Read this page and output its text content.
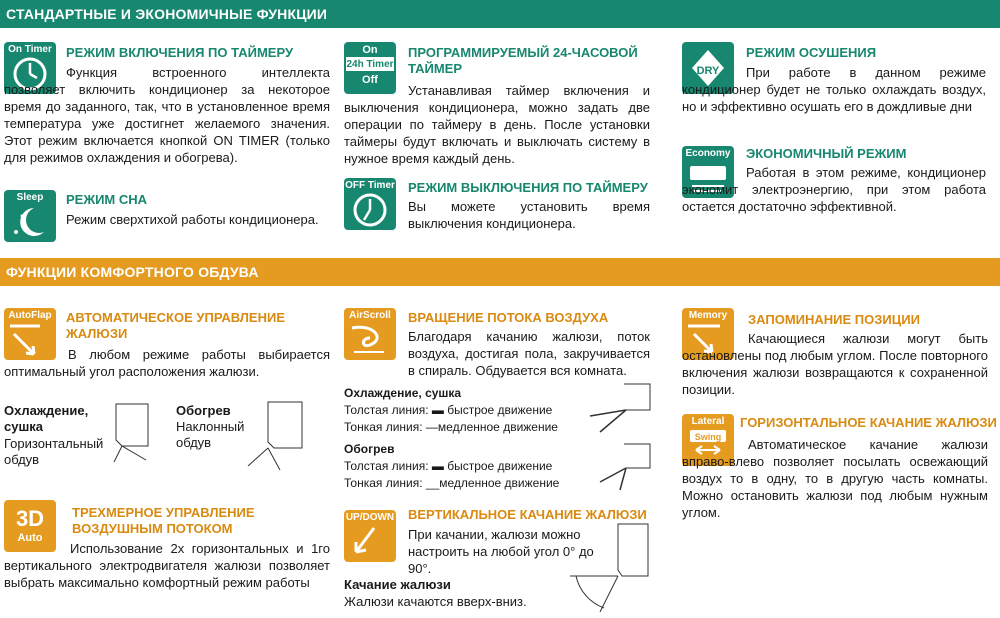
СТАНДАРТНЫЕ И ЭКОНОМИЧНЫЕ ФУНКЦИИ
On Timer	РЕЖИМ ВКЛЮЧЕНИЯ ПО ТАЙМЕРУ
Функция встроенного интеллекта позволяет включить кондиционер за некоторое время до заданного, так, что в установленное время температура уже достигнет желаемого значения. Этот режим включается кнопкой ON TIMER (только для режимов охлаждения и обогрева).
Sleep	РЕЖИМ СНА
Режим сверхтихой работы кондиционера.
On
24h Timer
Off
ПРОГРАММИРУЕМЫЙ 24-ЧАСОВОЙ ТАЙМЕР
Устанавливая таймер включения и выключения кондиционера, можно задать две операции по таймеру в день. После установки таймеры будут включать и выключать систему в нужное время каждый день.
OFF Timer РЕЖИМ ВЫКЛЮЧЕНИЯ ПО ТАЙМЕРУ
Вы можете установить время выключения кондиционера.
DRY
РЕЖИМ ОСУШЕНИЯ
При работе в данном режиме кондиционер будет не только охлаждать воздух, но и эффективно осушать его в дождливые дни
Economy ЭКОНОМИЧНЫЙ РЕЖИМ
Работая в этом режиме, кондиционер экономит электроэнергию, при этом работа остается достаточно эффективной.
ФУНКЦИИ КОМФОРТНОГО ОБДУВА
AutoFlap	АВТОМАТИЧЕСКОЕ УПРАВЛЕНИЕ ЖАЛЮЗИ
В любом режиме работы выбирается оптимальный угол расположения жалюзи.
Охлаждение, сушка
Горизонтальный обдув
Обогрев
Наклонный обдув
3D
Auto
ТРЕХМЕРНОЕ УПРАВЛЕНИЕ ВОЗДУШНЫМ ПОТОКОМ
Использование 2х горизонтальных и 1го вертикального электродвигателя жалюзи позволяет выбрать максимально комфортный режим работы
AirScroll	ВРАЩЕНИЕ ПОТОКА ВОЗДУХА
Благодаря качанию жалюзи, поток воздуха, достигая пола, закручивается в спираль. Обдувается вся комната.
Охлаждение, сушка
Толстая линия: ▬ быстрое движение
Тонкая линия: —медленное движение
Обогрев
Толстая линия: ▬ быстрое движение
Тонкая линия: __медленное движение
UP/DOWN ВЕРТИКАЛЬНОЕ КАЧАНИЕ ЖАЛЮЗИ
При качании, жалюзи можно настроить на любой угол 0° до 90°.
Качание жалюзи
Жалюзи качаются вверх-вниз.
Memory	ЗАПОМИНАНИЕ ПОЗИЦИИ
Качающиеся жалюзи могут быть остановлены под любым углом. После повторного включения жалюзи возвращаются к сохраненной позиции.
Lateral
Swing
ГОРИЗОНТАЛЬНОЕ КАЧАНИЕ ЖАЛЮЗИ
Автоматическое качание жалюзи вправо-влево позволяет посылать освежающий воздух то в одну, то в другую часть комнаты. Можно остановить жалюзи под любым нужным углом.
